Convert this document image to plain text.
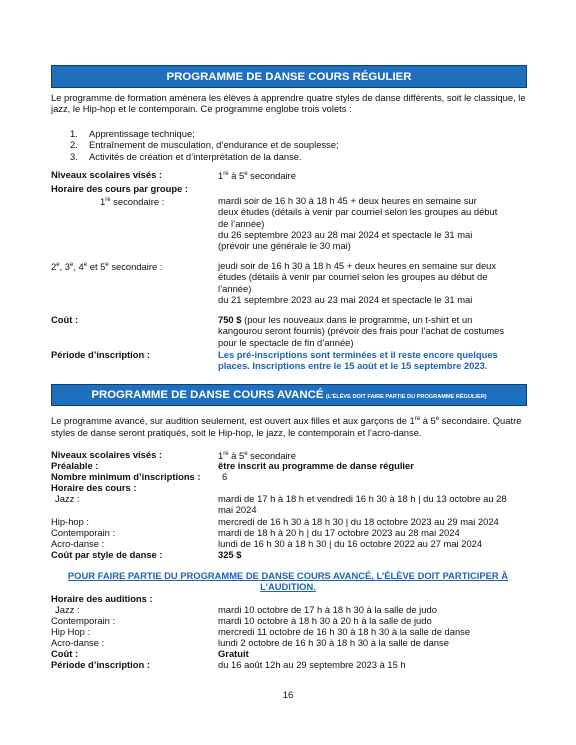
PROGRAMME DE DANSE COURS RÉGULIER
Le programme de formation amènera les élèves à apprendre quatre styles de danse différents, soit le classique, le jazz, le Hip-hop et le contemporain. Ce programme englobe trois volets :
1. Apprentissage technique;
2. Entraînement de musculation, d’endurance et de souplesse;
3. Activités de création et d’interprétation de la danse.
Niveaux scolaires visés :	1re à 5e secondaire
Horaire des cours par groupe :
1re secondaire :	mardi soir de 16 h 30 à 18 h 45 + deux heures en semaine sur deux études (détails à venir par courriel selon les groupes au début de l’année)
du 26 septembre 2023 au 28 mai 2024 et spectacle le 31 mai (prévoir une générale le 30 mai)
2e, 3e, 4e et 5e secondaire :	jeudi soir de 16 h 30 à 18 h 45 + deux heures en semaine sur deux études (détails à venir par courriel selon les groupes au début de l’année)
du 21 septembre 2023 au 23 mai 2024 et spectacle le 31 mai
Coût :	750 $ (pour les nouveaux dans le programme, un t-shirt et un kangourou seront fournis) (prévoir des frais pour l’achat de costumes pour le spectacle de fin d’année)
Période d’inscription :	Les pré-inscriptions sont terminées et il reste encore quelques places. Inscriptions entre le 15 août et le 15 septembre 2023.
PROGRAMME DE DANSE COURS AVANCÉ (L’ÉLÈVE DOIT FAIRE PARTIE DU PROGRAMME RÉGULIER)
Le programme avancé, sur audition seulement, est ouvert aux filles et aux garçons de 1re à 5e secondaire. Quatre styles de danse seront pratiqués, soit le Hip-hop, le jazz, le contemporain et l’acro-danse.
Niveaux scolaires visés :	1re à 5e secondaire
Préalable :	être inscrit au programme de danse régulier
Nombre minimum d’inscriptions : 6
Horaire des cours :
Jazz :	mardi de 17 h à 18 h et vendredi 16 h 30 à 18 h | du 13 octobre au 28 mai 2024
Hip-hop :	mercredi de 16 h 30 à 18 h 30 | du 18 octobre 2023 au 29 mai 2024
Contemporain :	mardi de 18 h à 20 h | du 17 octobre 2023 au 28 mai 2024
Acro-danse :	lundi de 16 h 30 à 18 h 30 | du 16 octobre 2022 au 27 mai 2024
Coût par style de danse :	325 $
POUR FAIRE PARTIE DU PROGRAMME DE DANSE COURS AVANCÉ, L’ÉLÈVE DOIT PARTICIPER À L’AUDITION.
Horaire des auditions :
Jazz :	mardi 10 octobre de 17 h à 18 h 30 à la salle de judo
Contemporain :	mardi 10 octobre à 18 h 30 à 20 h à la salle de judo
Hip Hop :	mercredi 11 octobre de 16 h 30 à 18 h 30 à la salle de danse
Acro-danse :	lundi 2 octobre de 16 h 30 à 18 h 30 à la salle de danse
Coût :	Gratuit
Période d’inscription :	du 16 août 12h au 29 septembre 2023 à 15 h
16
